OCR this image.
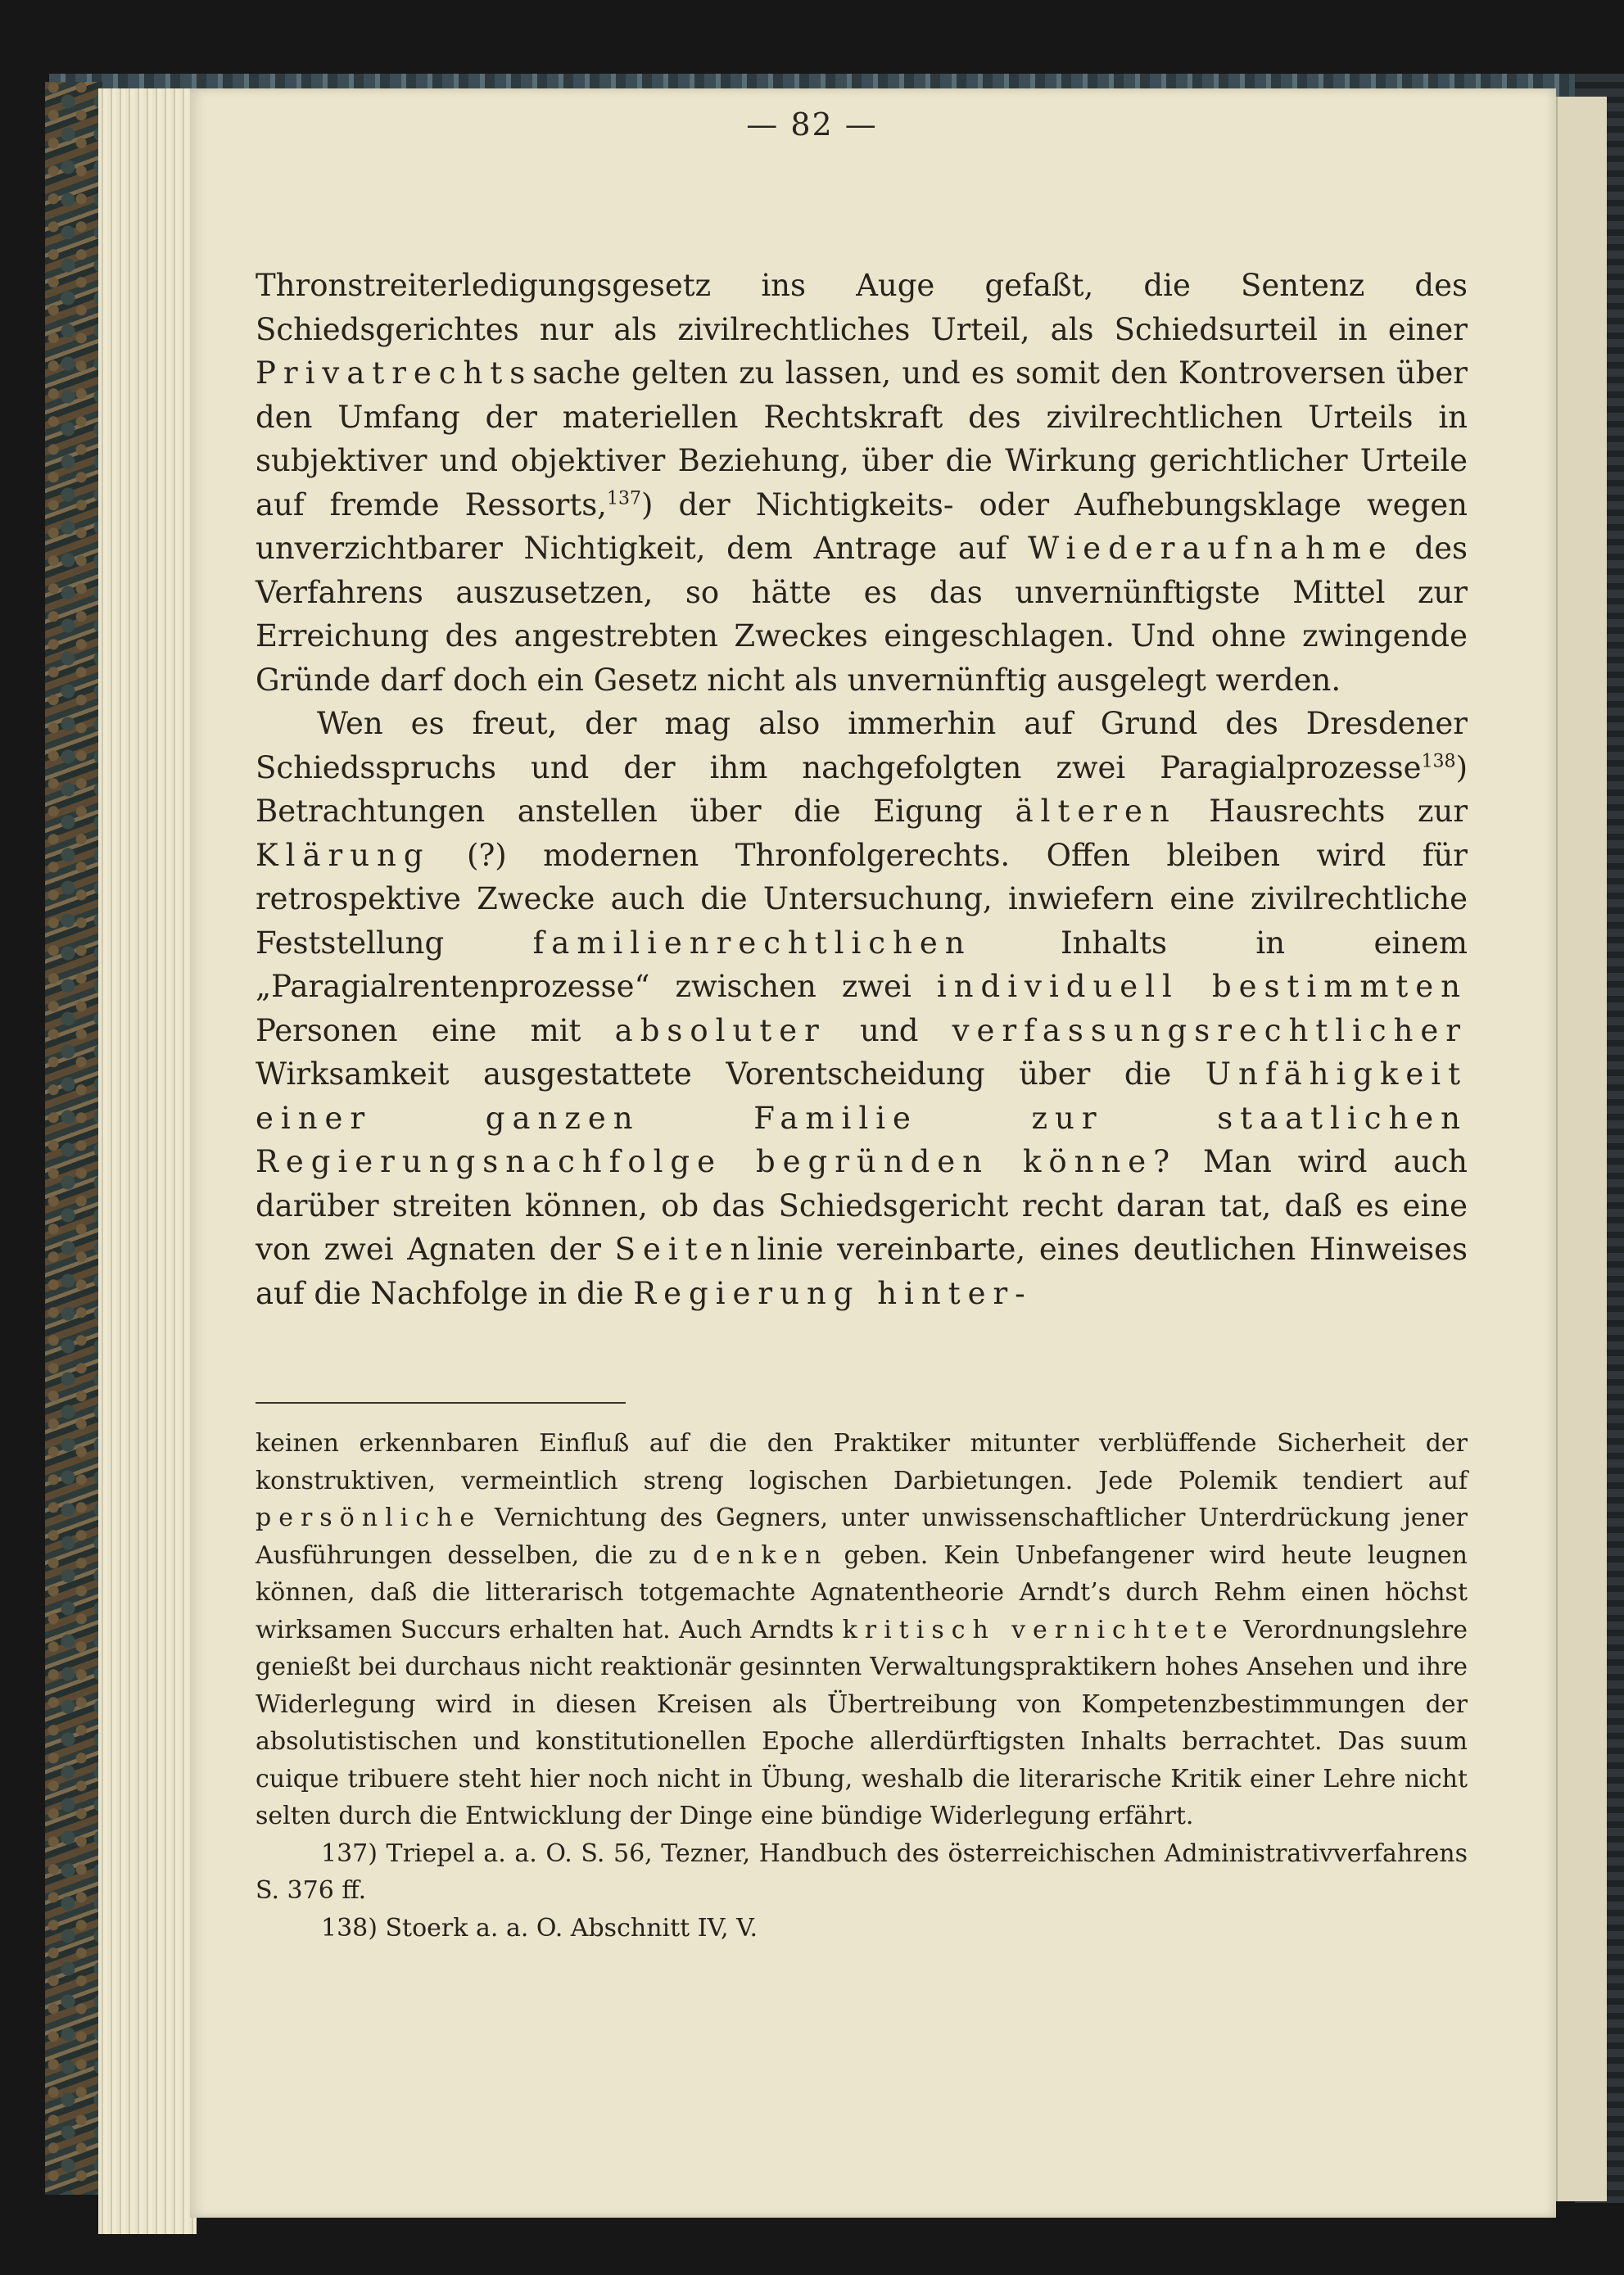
— 82 —

Thronstreiterledigungsgesetz ins Auge gefaßt, die Sentenz des Schiedsgerichtes nur als zivilrechtliches Urteil, als Schiedsurteil in einer Privatrechtssache gelten zu lassen, und es somit den Kontroversen über den Umfang der materiellen Rechtskraft des zivilrechtlichen Urteils in subjektiver und objektiver Beziehung, über die Wirkung gerichtlicher Urteile auf fremde Ressorts,$^{137}$) der Nichtigkeits- oder Aufhebungsklage wegen unverzichtbarer Nichtigkeit, dem Antrage auf Wiederaufnahme des Verfahrens auszusetzen, so hätte es das unvernünftigste Mittel zur Erreichung des angestrebten Zweckes eingeschlagen. Und ohne zwingende Gründe darf doch ein Gesetz nicht als unvernünftig ausgelegt werden.

Wen es freut, der mag also immerhin auf Grund des Dresdener Schiedsspruchs und der ihm nachgefolgten zwei Paragialprozesse$^{138}$) Betrachtungen anstellen über die Eigung älteren Hausrechts zur Klärung (?) modernen Thronfolgerechts. Offen bleiben wird für retrospektive Zwecke auch die Untersuchung, inwiefern eine zivilrechtliche Feststellung familienrechtlichen Inhalts in einem „Paragialrentenprozesse“ zwischen zwei individuell bestimmten Personen eine mit absoluter und verfassungsrechtlicher Wirksamkeit ausgestattete Vorentscheidung über die Unfähigkeit einer ganzen Familie zur staatlichen Regierungsnachfolge begründen könne? Man wird auch darüber streiten können, ob das Schiedsgericht recht daran tat, daß es eine von zwei Agnaten der Seitenlinie vereinbarte, eines deutlichen Hinweises auf die Nachfolge in die Regierung hinter-

keinen erkennbaren Einfluß auf die den Praktiker mitunter verblüffende Sicherheit der konstruktiven, vermeintlich streng logischen Darbietungen. Jede Polemik tendiert auf persönliche Vernichtung des Gegners, unter unwissenschaftlicher Unterdrückung jener Ausführungen desselben, die zu denken geben. Kein Unbefangener wird heute leugnen können, daß die litterarisch totgemachte Agnatentheorie Arndt’s durch Rehm einen höchst wirksamen Succurs erhalten hat. Auch Arndts kritisch vernichtete Verordnungslehre genießt bei durchaus nicht reaktionär gesinnten Verwaltungspraktikern hohes Ansehen und ihre Widerlegung wird in diesen Kreisen als Übertreibung von Kompetenzbestimmungen der absolutistischen und konstitutionellen Epoche allerdürftigsten Inhalts berrachtet. Das suum cuique tribuere steht hier noch nicht in Übung, weshalb die literarische Kritik einer Lehre nicht selten durch die Entwicklung der Dinge eine bündige Widerlegung erfährt.

137) Triepel a. a. O. S. 56, Tezner, Handbuch des österreichischen Administrativverfahrens S. 376 ff.

138) Stoerk a. a. O. Abschnitt IV, V.
